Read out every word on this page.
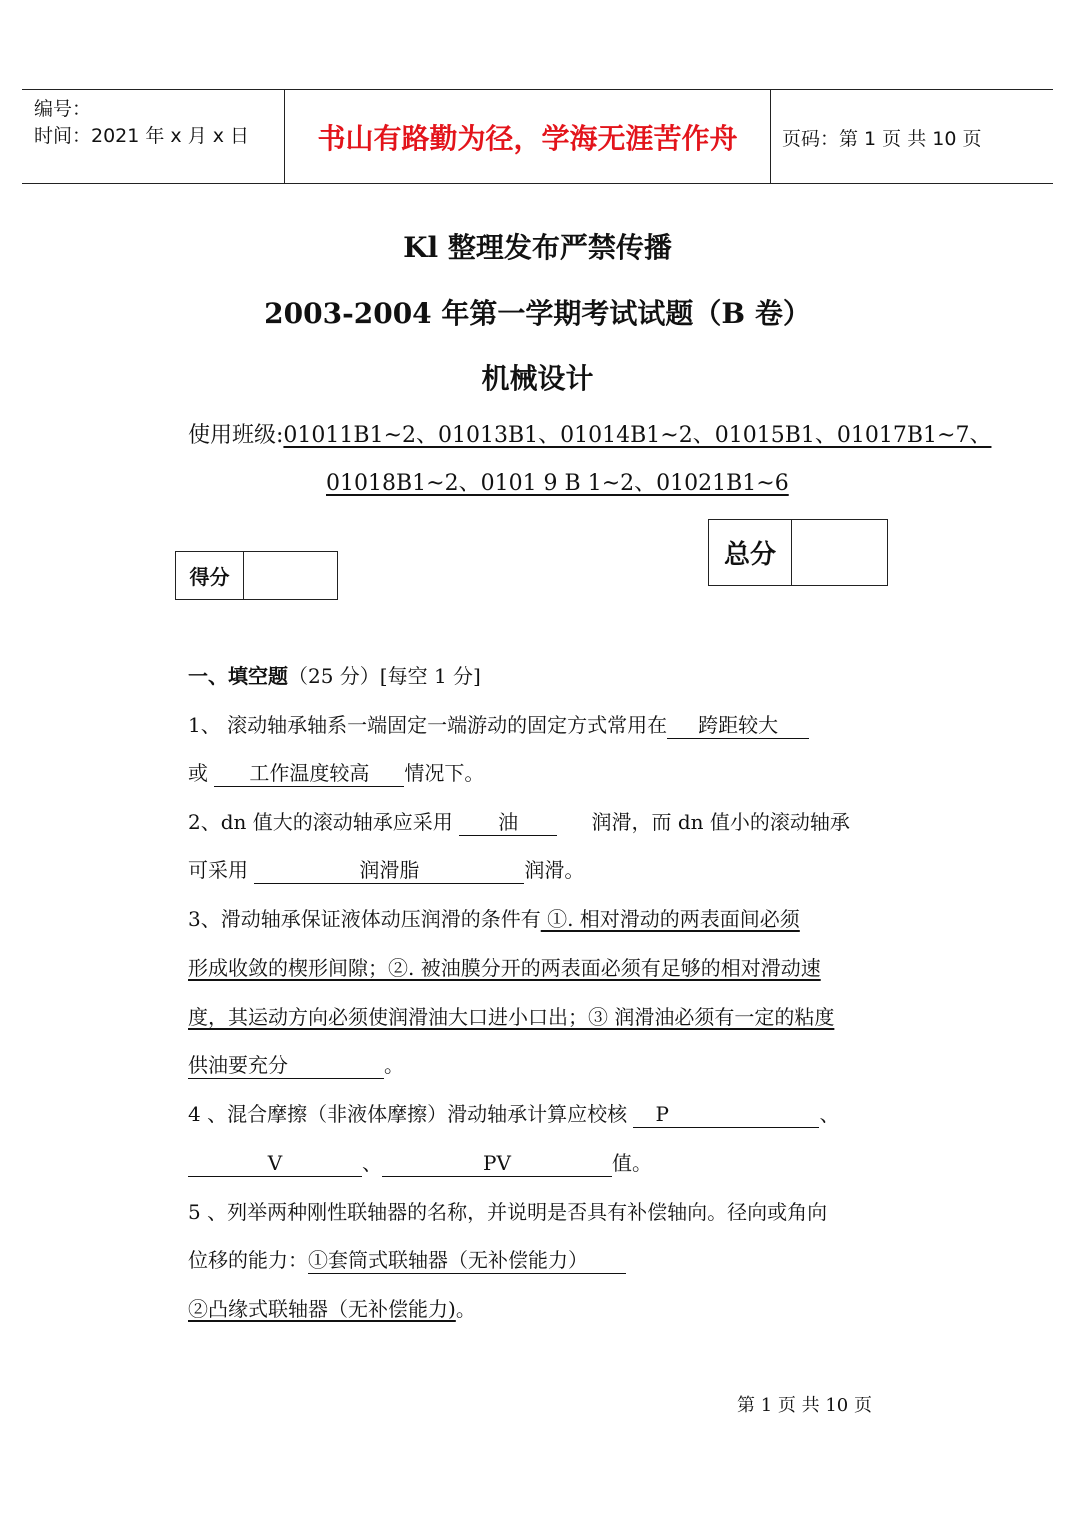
编号：
时间：2021 年 x 月 x 日	书山有路勤为径，学海无涯苦作舟	页码：第 1 页 共 10 页
Kl 整理发布严禁传播
2003-2004 年第一学期考试试题（B 卷）
机械设计
使用班级:01011B1~2、01013B1、01014B1~2、01015B1、01017B1~7、
01018B1~2、0101 9 B 1~2、01021B1~6
总分
得分
一、填空题（25 分）[每空 1 分]
1、 滚动轴承轴系一端固定一端游动的固定方式常用在 跨距较大
或 工作温度较高 情况下。
2、dn 值大的滚动轴承应采用 油	润滑，而 dn 值小的滚动轴承
可采用	润滑脂	润滑。
3、滑动轴承保证液体动压润滑的条件有 ①. 相对滑动的两表面间必须
形成收敛的楔形间隙；②. 被油膜分开的两表面必须有足够的相对滑动速
度，其运动方向必须使润滑油大口进小口出；③ 润滑油必须有一定的粘度
供油要充分	。
4 、混合摩擦（非液体摩擦）滑动轴承计算应校核 P	、
V	、	PV	值。
5 、列举两种刚性联轴器的名称，并说明是否具有补偿轴向。径向或角向
位移的能力：①套筒式联轴器（无补偿能力）
②凸缘式联轴器（无补偿能力)。
第 1 页 共 10 页
